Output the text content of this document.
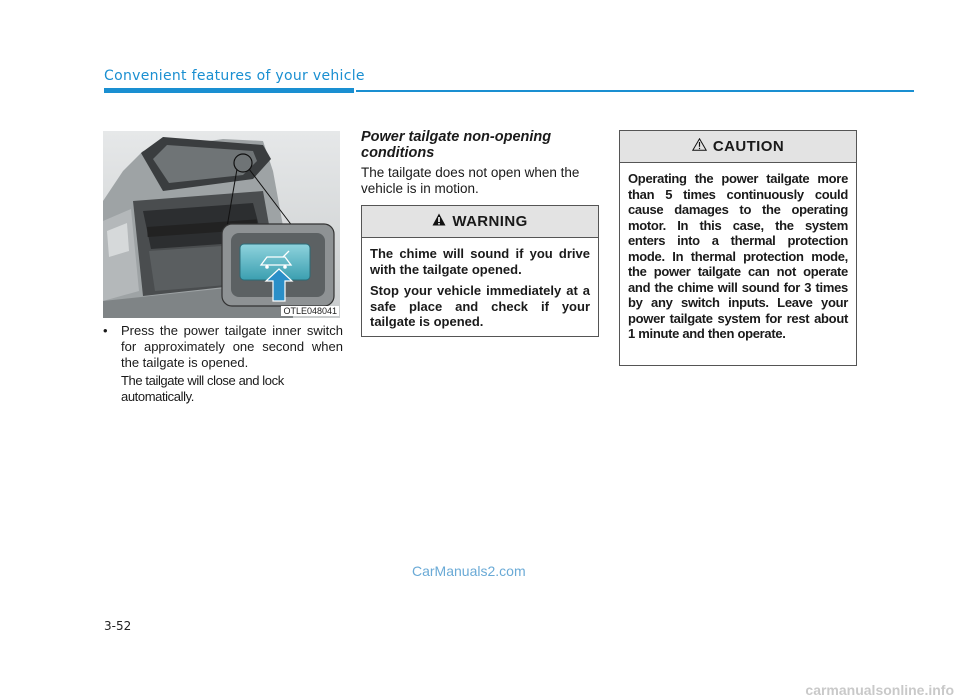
Convenient features of your vehicle
OTLE048041
•	Press the power tailgate inner switch for approximately one second when the tailgate is opened.
The tailgate will close and lock automatically.
Power tailgate non-opening conditions
The tailgate does not open when the vehicle is in motion.
WARNING

The chime will sound if you drive with the tailgate opened.

Stop your vehicle immediately at a safe place and check if your tailgate is opened.

CAUTION

Operating the power tailgate more than 5 times continuously could cause damages to the operating motor. In this case, the system enters into a thermal protection mode. In thermal protection mode, the power tailgate can not operate and the chime will sound for 3 times by any switch inputs. Leave your power tailgate system for rest about 1 minute and then operate.

CarManuals2.com
3-52
carmanualsonline.info
